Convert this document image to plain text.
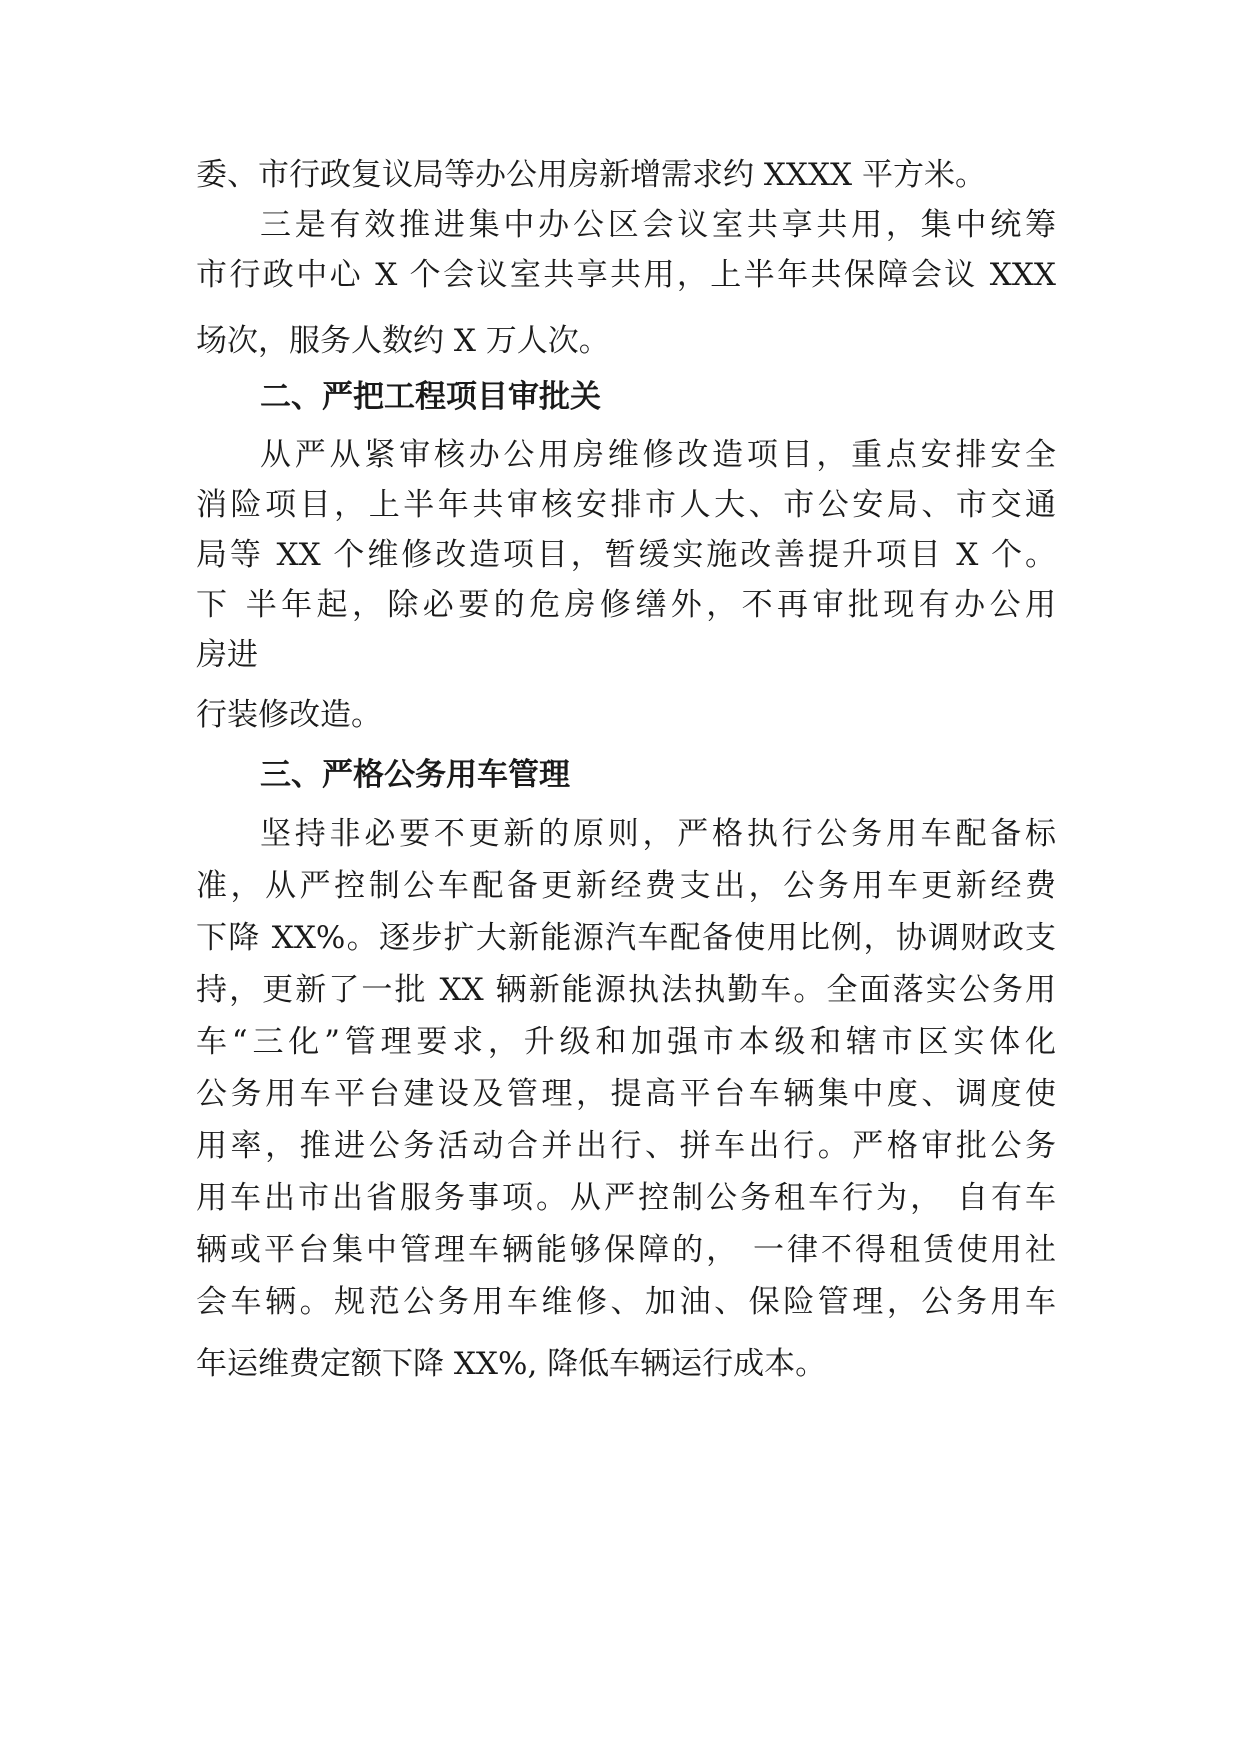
委、市行政复议局等办公用房新增需求约 XXXX 平方米。
三是有效推进集中办公区会议室共享共用，集中统筹
市行政中心 X 个会议室共享共用，上半年共保障会议 XXX
场次，服务人数约 X 万人次。
二、严把工程项目审批关
从严从紧审核办公用房维修改造项目，重点安排安全
消险项目，上半年共审核安排市人大、市公安局、市交通
局等 XX 个维修改造项目，暂缓实施改善提升项目 X 个。
下 半年起，除必要的危房修缮外，不再审批现有办公用
房进
行装修改造。
三、严格公务用车管理
坚持非必要不更新的原则，严格执行公务用车配备标
准，从严控制公车配备更新经费支出，公务用车更新经费
下降 XX%。逐步扩大新能源汽车配备使用比例，协调财政支
持，更新了一批 XX 辆新能源执法执勤车。全面落实公务用
车“三化”管理要求，升级和加强市本级和辖市区实体化
公务用车平台建设及管理，提高平台车辆集中度、调度使
用率，推进公务活动合并出行、拼车出行。严格审批公务
用车出市出省服务事项。从严控制公务租车行为， 自有车
辆或平台集中管理车辆能够保障的， 一律不得租赁使用社
会车辆。规范公务用车维修、加油、保险管理，公务用车
年运维费定额下降 XX%, 降低车辆运行成本。
